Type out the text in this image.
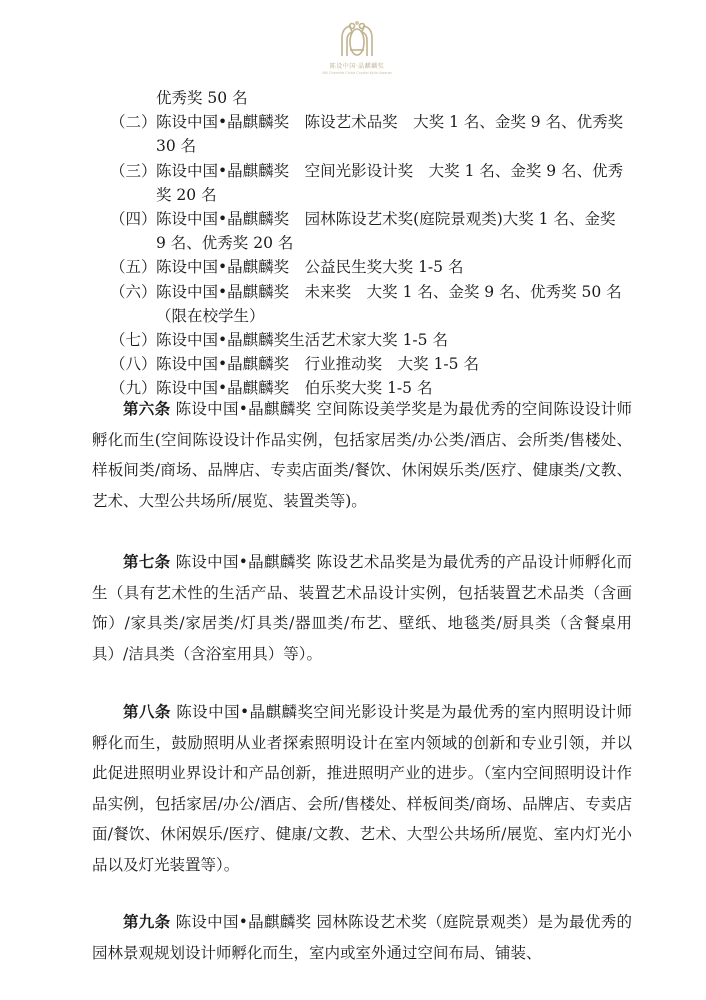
陈设中国·晶麒麟奖
AW Chenshe China Crystal Kylin Awards
优秀奖 50 名
（二） 陈设中国•晶麒麟奖　陈设艺术品奖　大奖 1 名、金奖 9 名、优秀奖 30 名
（三） 陈设中国•晶麒麟奖　空间光影设计奖　大奖 1 名、金奖 9 名、优秀奖 20 名
（四） 陈设中国•晶麒麟奖　园林陈设艺术奖(庭院景观类)大奖 1 名、金奖 9 名、优秀奖 20 名
（五） 陈设中国•晶麒麟奖　公益民生奖大奖 1-5 名
（六） 陈设中国•晶麒麟奖　未来奖　大奖 1 名、金奖 9 名、优秀奖 50 名（限在校学生）
（七） 陈设中国•晶麒麟奖生活艺术家大奖 1-5 名
（八） 陈设中国•晶麒麟奖　行业推动奖　大奖 1-5 名
（九） 陈设中国•晶麒麟奖　伯乐奖大奖 1-5 名

第六条 陈设中国•晶麒麟奖 空间陈设美学奖是为最优秀的空间陈设设计师孵化而生(空间陈设设计作品实例，包括家居类/办公类/酒店、会所类/售楼处、样板间类/商场、品牌店、专卖店面类/餐饮、休闲娱乐类/医疗、健康类/文教、艺术、大型公共场所/展览、装置类等)。

第七条 陈设中国•晶麒麟奖 陈设艺术品奖是为最优秀的产品设计师孵化而生（具有艺术性的生活产品、装置艺术品设计实例，包括装置艺术品类（含画饰）/家具类/家居类/灯具类/器皿类/布艺、壁纸、地毯类/厨具类（含餐桌用具）/洁具类（含浴室用具）等）。

第八条 陈设中国•晶麒麟奖空间光影设计奖是为最优秀的室内照明设计师孵化而生，鼓励照明从业者探索照明设计在室内领域的创新和专业引领，并以此促进照明业界设计和产品创新，推进照明产业的进步。（室内空间照明设计作品实例，包括家居/办公/酒店、会所/售楼处、样板间类/商场、品牌店、专卖店面/餐饮、休闲娱乐/医疗、健康/文教、艺术、大型公共场所/展览、室内灯光小品以及灯光装置等）。

第九条 陈设中国•晶麒麟奖 园林陈设艺术奖（庭院景观类）是为最优秀的园林景观规划设计师孵化而生，室内或室外通过空间布局、铺装、
